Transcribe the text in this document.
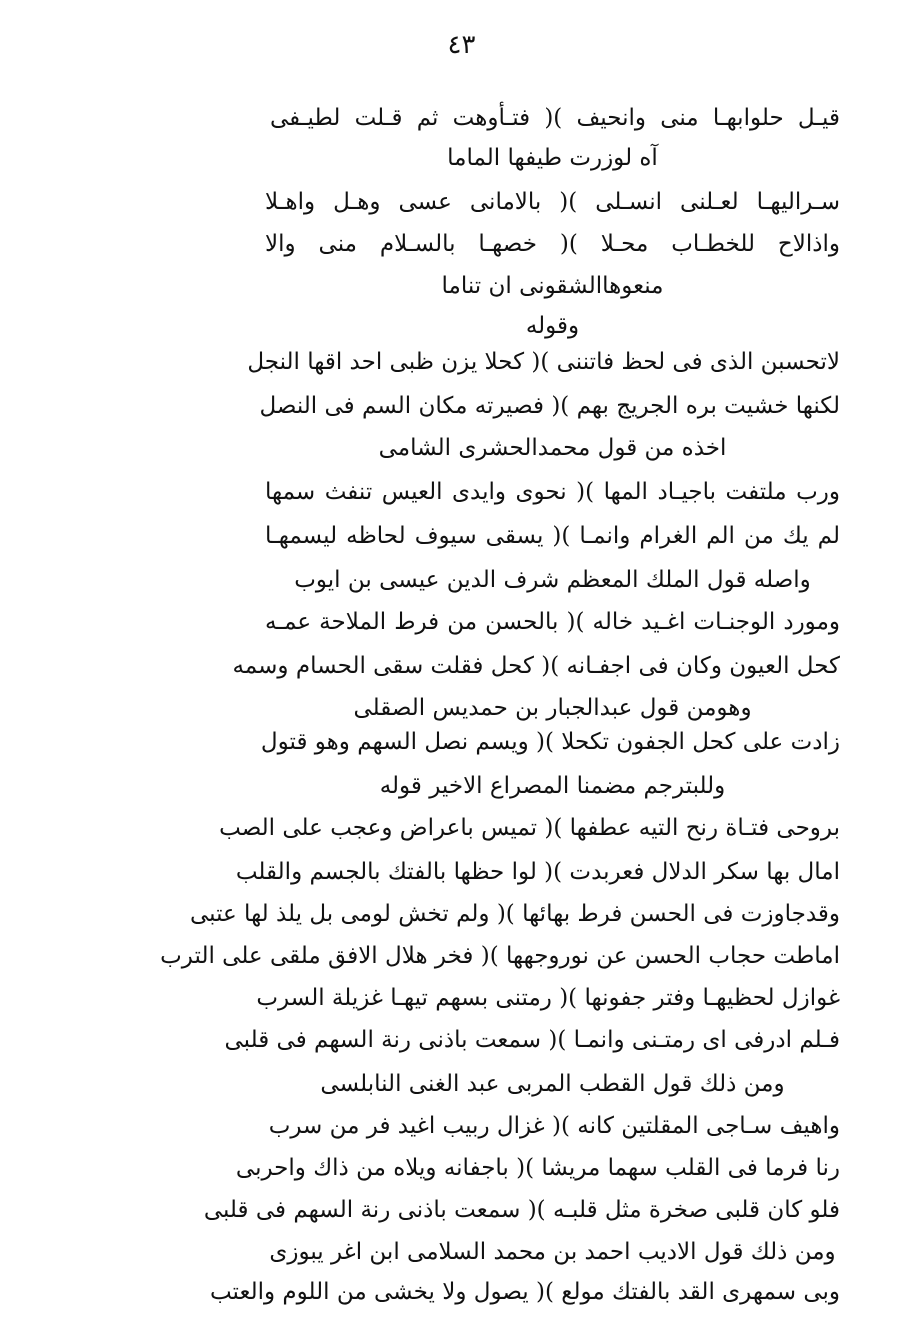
٤٣
قيـل حلوابهـا منى وانحيف )( فتـأوهت ثم قـلت لطيـفى
آه لوزرت طيفها الماما
سـراليهـا لعـلنى انسـلى )( بالامانى عسى وهـل واهـلا
واذالاح للخطـاب محـلا )( خصهـا بالسـلام منى والا
منعوهاالشقونى ان تناما
وقوله
لاتحسبن الذى فى لحظ فاتننى )( كحلا يزن ظبى احد اقها النجل
لكنها خشيت بره الجريج بهم )( فصيرته مكان السم فى النصل
اخذه من قول محمدالحشرى الشامى
ورب ملتفت باجيـاد المها )( نحوى وايدى العيس تنفث سمها
لم يك من الم الغرام وانمـا )( يسقى سيوف لحاظه ليسمهـا
واصله قول الملك المعظم شرف الدين عيسى بن ايوب
ومورد الوجنـات اغـيد خاله )( بالحسن من فرط الملاحة عمـه
كحل العيون وكان فى اجفـانه )( كحل فقلت سقى الحسام وسمه
وهومن قول عبدالجبار بن حمديس الصقلى
زادت على كحل الجفون تكحلا )( ويسم نصل السهم وهو قتول
وللبترجم مضمنا المصراع الاخير قوله
بروحى فتـاة رنح التيه عطفها )( تميس باعراض وعجب على الصب
امال بها سكر الدلال فعربدت )( لوا حظها بالفتك بالجسم والقلب
وقدجاوزت فى الحسن فرط بهائها )( ولم تخش لومى بل يلذ لها عتبى
اماطت حجاب الحسن عن نوروجهها )( فخر هلال الافق ملقى على الترب
غوازل لحظيهـا وفتر جفونها )( رمتنى بسهم تيهـا غزيلة السرب
فـلم ادرفى اى رمتـنى وانمـا )( سمعت باذنى رنة السهم فى قلبى
ومن ذلك قول القطب المربى عبد الغنى النابلسى
واهيف سـاجى المقلتين كانه )( غزال ربيب اغيد فر من سرب
رنا فرما فى القلب سهما مريشا )( باجفانه ويلاه من ذاك واحربى
فلو كان قلبى صخرة مثل قلبـه )( سمعت باذنى رنة السهم فى قلبى
ومن ذلك قول الاديب احمد بن محمد السلامى ابن اغر يبوزى
وبى سمهرى القد بالفتك مولع )( يصول ولا يخشى من اللوم والعتب
